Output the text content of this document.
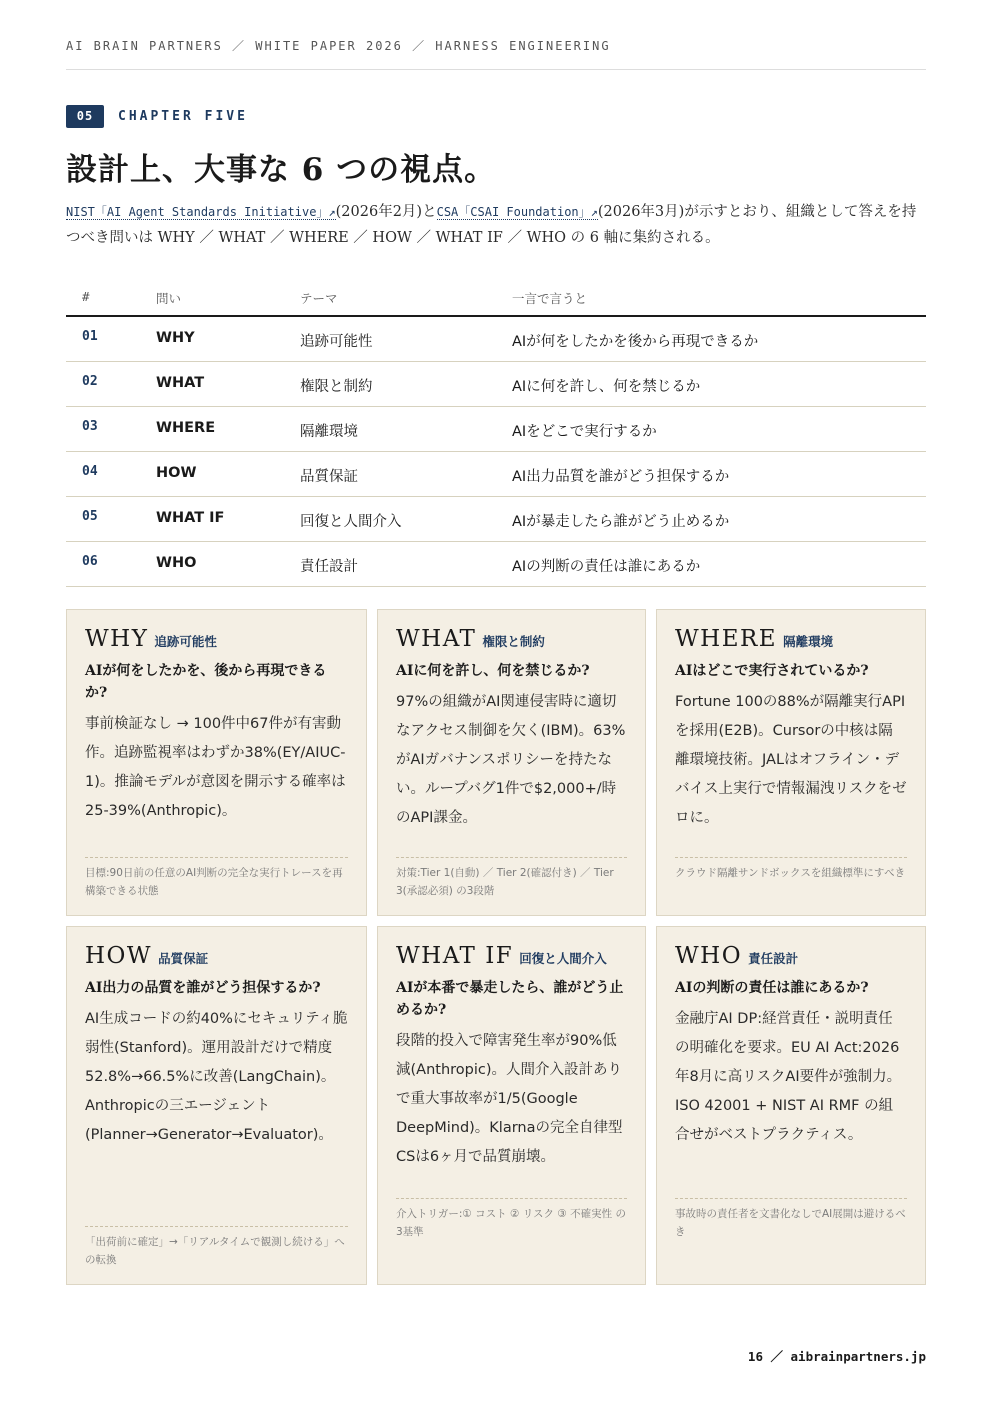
AI BRAIN PARTNERS ／ WHITE PAPER 2026 ／ HARNESS ENGINEERING
05	CHAPTER FIVE
設計上、大事な 6 つの視点。

NIST「AI Agent Standards Initiative」↗(2026年2月)とCSA「CSAI Foundation」↗(2026年3月)が示すとおり、組織として答えを持つべき問いは WHY ／ WHAT ／ WHERE ／ HOW ／ WHAT IF ／ WHO の 6 軸に集約される。

#	問い	テーマ	一言で言うと
01	WHY	追跡可能性	AIが何をしたかを後から再現できるか
02	WHAT	権限と制約	AIに何を許し、何を禁じるか
03	WHERE	隔離環境	AIをどこで実行するか
04	HOW	品質保証	AI出力品質を誰がどう担保するか
05	WHAT IF	回復と人間介入	AIが暴走したら誰がどう止めるか
06	WHO	責任設計	AIの判断の責任は誰にあるか
WHY 追跡可能性
AIが何をしたかを、後から再現できるか?
事前検証なし → 100件中67件が有害動作。追跡監視率はわずか38%(EY/AIUC-1)。推論モデルが意図を開示する確率は25-39%(Anthropic)。
目標:90日前の任意のAI判断の完全な実行トレースを再構築できる状態
WHAT 権限と制約
AIに何を許し、何を禁じるか?
97%の組織がAI関連侵害時に適切なアクセス制御を欠く(IBM)。63%がAIガバナンスポリシーを持たない。ループバグ1件で$2,000+/時のAPI課金。
対策:Tier 1(自動) ／ Tier 2(確認付き) ／ Tier 3(承認必須) の3段階
WHERE 隔離環境
AIはどこで実行されているか?
Fortune 100の88%が隔離実行APIを採用(E2B)。Cursorの中核は隔離環境技術。JALはオフライン・デバイス上実行で情報漏洩リスクをゼロに。
クラウド隔離サンドボックスを組織標準にすべき
HOW 品質保証
AI出力の品質を誰がどう担保するか?
AI生成コードの約40%にセキュリティ脆弱性(Stanford)。運用設計だけで精度52.8%→66.5%に改善(LangChain)。Anthropicの三エージェント(Planner→Generator→Evaluator)。
「出荷前に確定」→「リアルタイムで観測し続ける」への転換
WHAT IF 回復と人間介入
AIが本番で暴走したら、誰がどう止めるか?
段階的投入で障害発生率が90%低減(Anthropic)。人間介入設計ありで重大事故率が1/5(Google DeepMind)。Klarnaの完全自律型CSは6ヶ月で品質崩壊。
介入トリガー:① コスト ② リスク ③ 不確実性 の3基準
WHO 責任設計
AIの判断の責任は誰にあるか?
金融庁AI DP:経営責任・説明責任の明確化を要求。EU AI Act:2026年8月に高リスクAI要件が強制力。ISO 42001 + NIST AI RMF の組合せがベストプラクティス。
事故時の責任者を文書化なしでAI展開は避けるべき
16 ／ aibrainpartners.jp
